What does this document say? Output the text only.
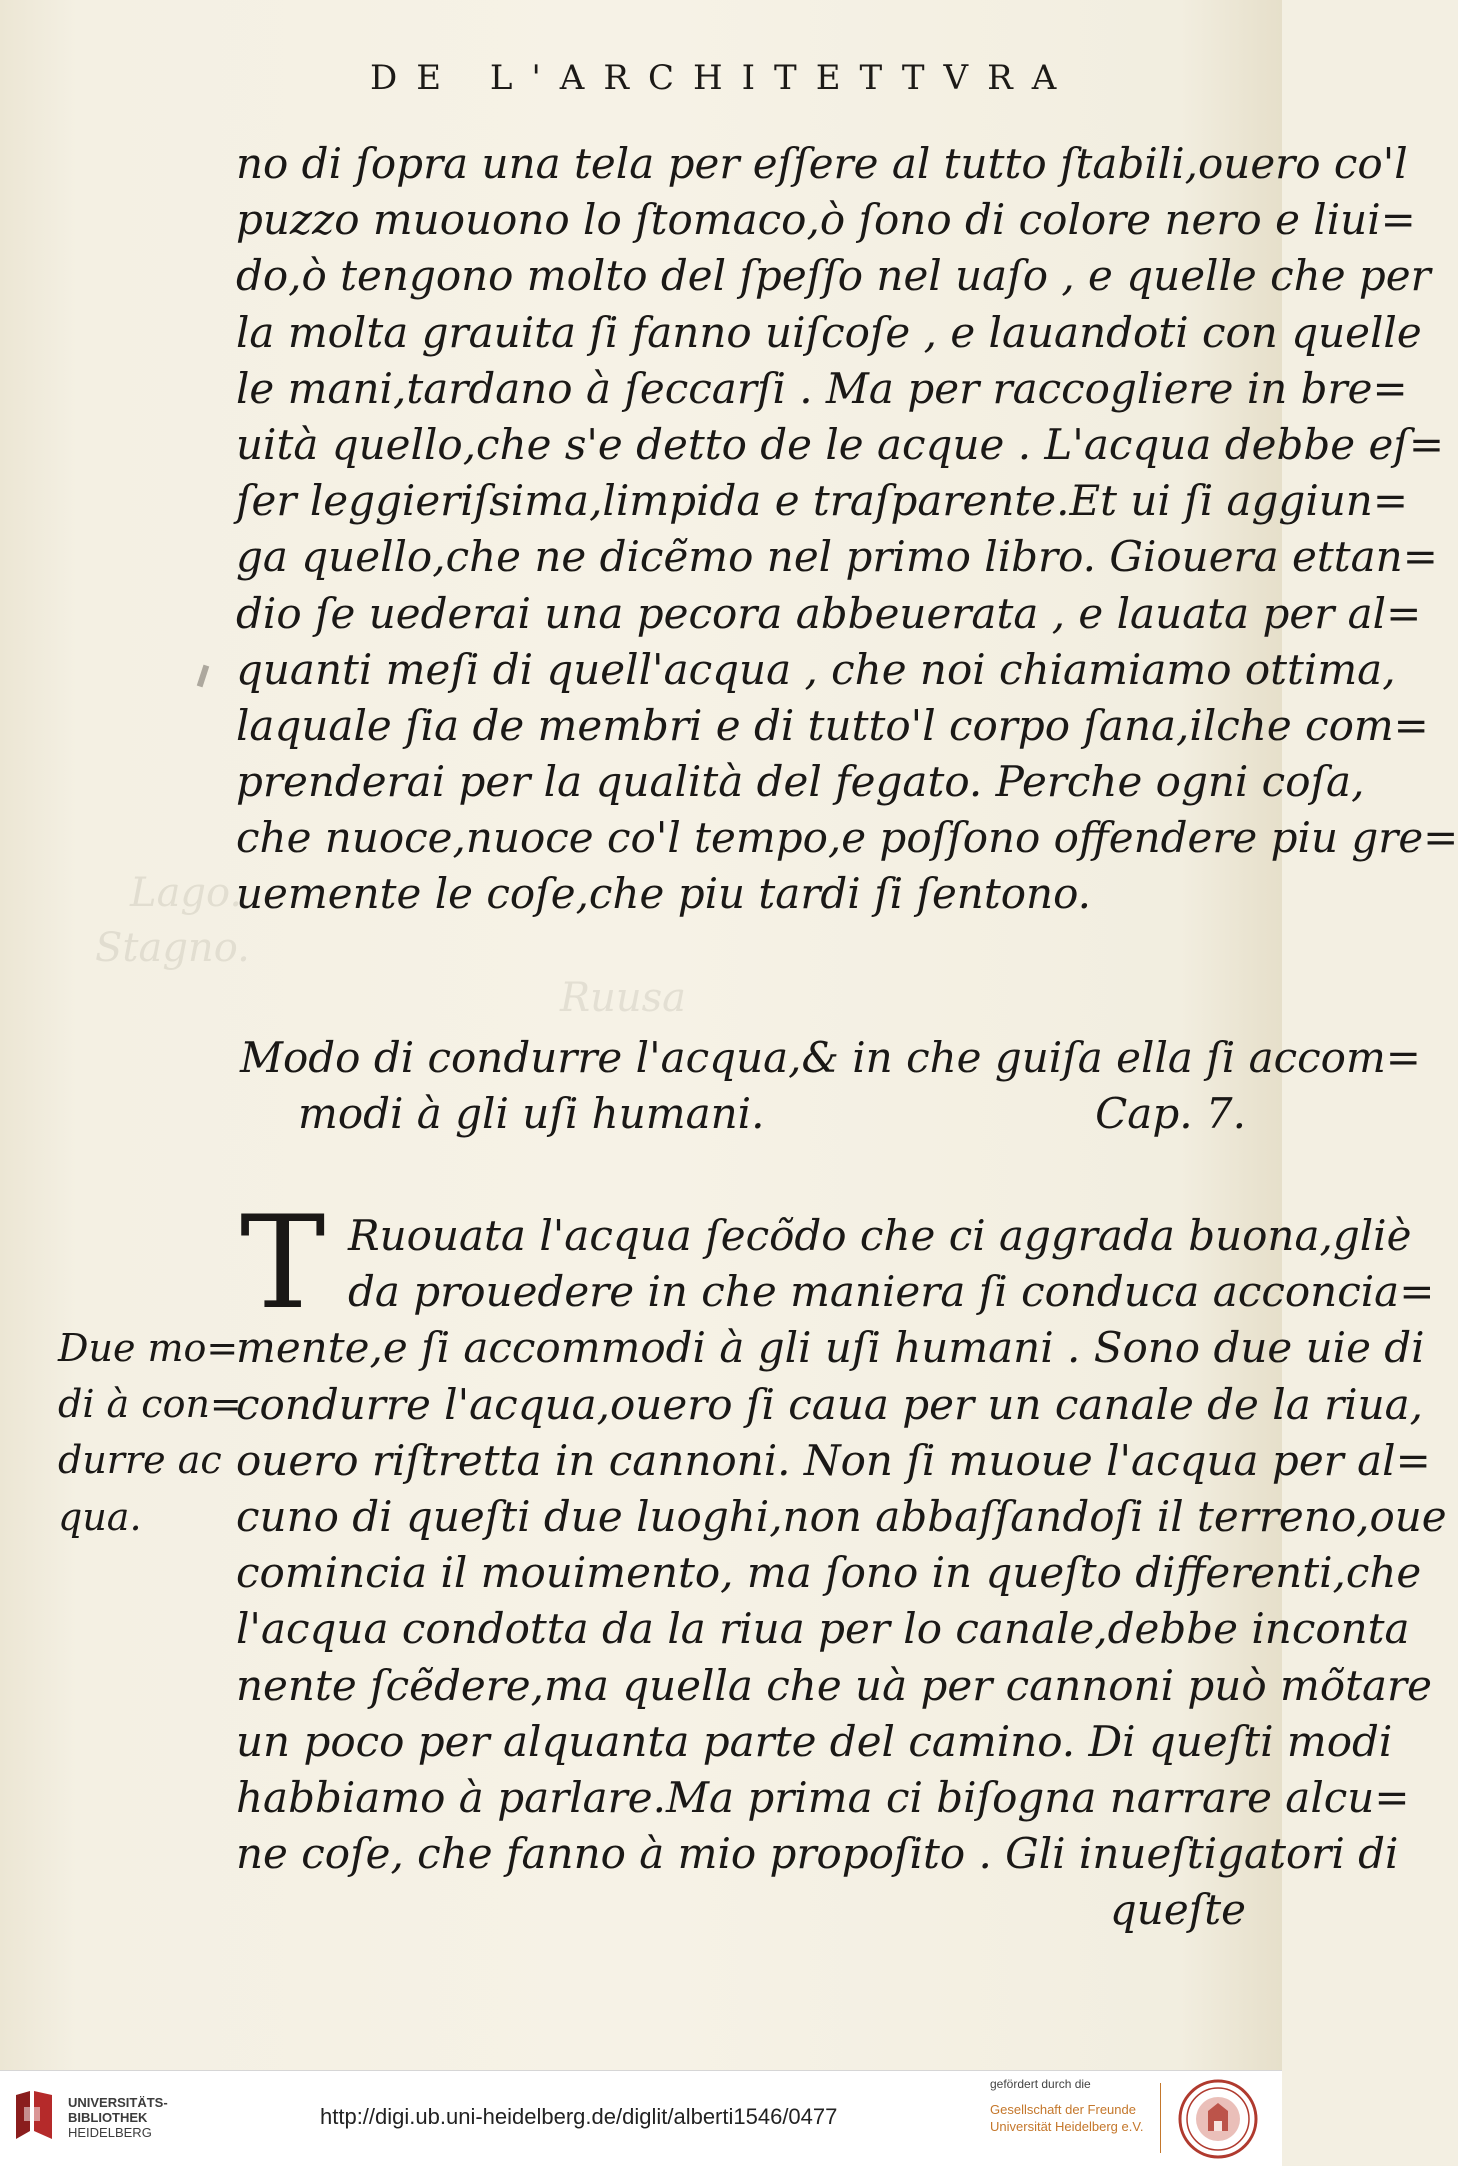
Lago.
Stagno.
Ruusa
DE L'ARCHITETTVRA
no di ſopra una tela per eſſere al tutto ſtabili,ouero co'l
puzzo muouono lo ſtomaco,ò ſono di colore nero e liui=
do,ò tengono molto del ſpeſſo nel uaſo , e quelle che per
la molta grauita ſi fanno uiſcoſe , e lauandoti con quelle
le mani,tardano à ſeccarſi . Ma per raccogliere in bre=
uità quello,che s'e detto de le acque . L'acqua debbe eſ=
ſer leggieriſsima,limpida e traſparente.Et ui ſi aggiun=
ga quello,che ne dicẽmo nel primo libro. Giouera ettan=
dio ſe uederai una pecora abbeuerata , e lauata per al=
quanti meſi di quell'acqua , che noi chiamiamo ottima,
laquale ſia de membri e di tutto'l corpo ſana,ilche com=
prenderai per la qualità del fegato. Perche ogni coſa,
che nuoce,nuoce co'l tempo,e poſſono offendere piu gre=
uemente le coſe,che piu tardi ſi ſentono.
Modo di condurre l'acqua,& in che guiſa ella ſi accom=
modi à gli uſi humani.	Cap. 7.
T Ruouata l'acqua ſecõdo che ci aggrada buona,gliè
da prouedere in che maniera ſi conduca acconcia=
mente,e ſi accommodi à gli uſi humani . Sono due uie di
condurre l'acqua,ouero ſi caua per un canale de la riua,
ouero riſtretta in cannoni. Non ſi muoue l'acqua per al=
cuno di queſti due luoghi,non abbaſſandoſi il terreno,oue
comincia il mouimento, ma ſono in queſto differenti,che
l'acqua condotta da la riua per lo canale,debbe inconta
nente ſcẽdere,ma quella che uà per cannoni può mõtare
un poco per alquanta parte del camino. Di queſti modi
habbiamo à parlare.Ma prima ci biſogna narrare alcu=
ne coſe, che fanno à mio propoſito . Gli inueſtigatori di
queſte
Due mo=
di à con=
durre ac
qua.
UNIVERSITÄTS-
BIBLIOTHEK
HEIDELBERG
http://digi.ub.uni-heidelberg.de/diglit/alberti1546/0477
gefördert durch die
Gesellschaft der Freunde
Universität Heidelberg e.V.
